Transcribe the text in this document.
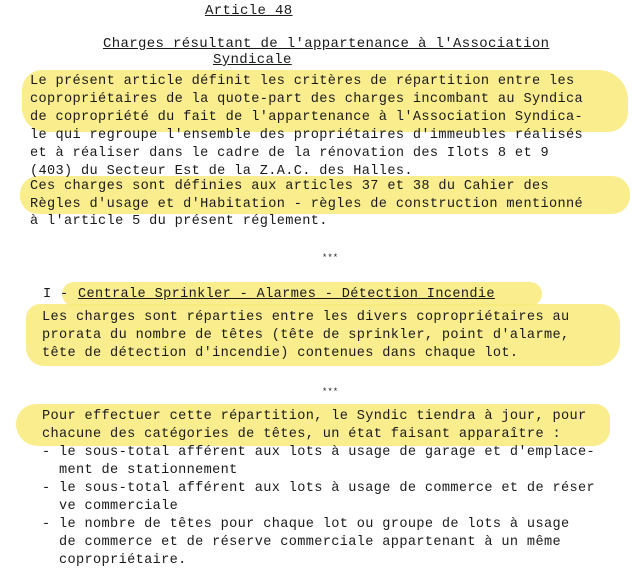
Article 48
Charges résultant de l'appartenance à l'Association
Syndicale
Le présent article définit les critères de répartition entre les
copropriétaires de la quote-part des charges incombant au Syndica
de copropriété du fait de l'appartenance à l'Association Syndica-
le qui regroupe l'ensemble des propriétaires d'immeubles réalisés
et à réaliser dans le cadre de la rénovation des Ilots 8 et 9
(403) du Secteur Est de la Z.A.C. des Halles.
Ces charges sont définies aux articles 37 et 38 du Cahier des
Règles d'usage et d'Habitation - règles de construction mentionné
à l'article 5 du présent réglement.
***
I - Centrale Sprinkler - Alarmes - Détection Incendie
Les charges sont réparties entre les divers copropriétaires au
prorata du nombre de têtes (tête de sprinkler, point d'alarme,
tête de détection d'incendie) contenues dans chaque lot.
***
Pour effectuer cette répartition, le Syndic tiendra à jour, pour
chacune des catégories de têtes, un état faisant apparaître :
- le sous-total afférent aux lots à usage de garage et d'emplace-
ment de stationnement
- le sous-total afférent aux lots à usage de commerce et de réser
ve commerciale
- le nombre de têtes pour chaque lot ou groupe de lots à usage
de commerce et de réserve commerciale appartenant à un même
copropriétaire.
